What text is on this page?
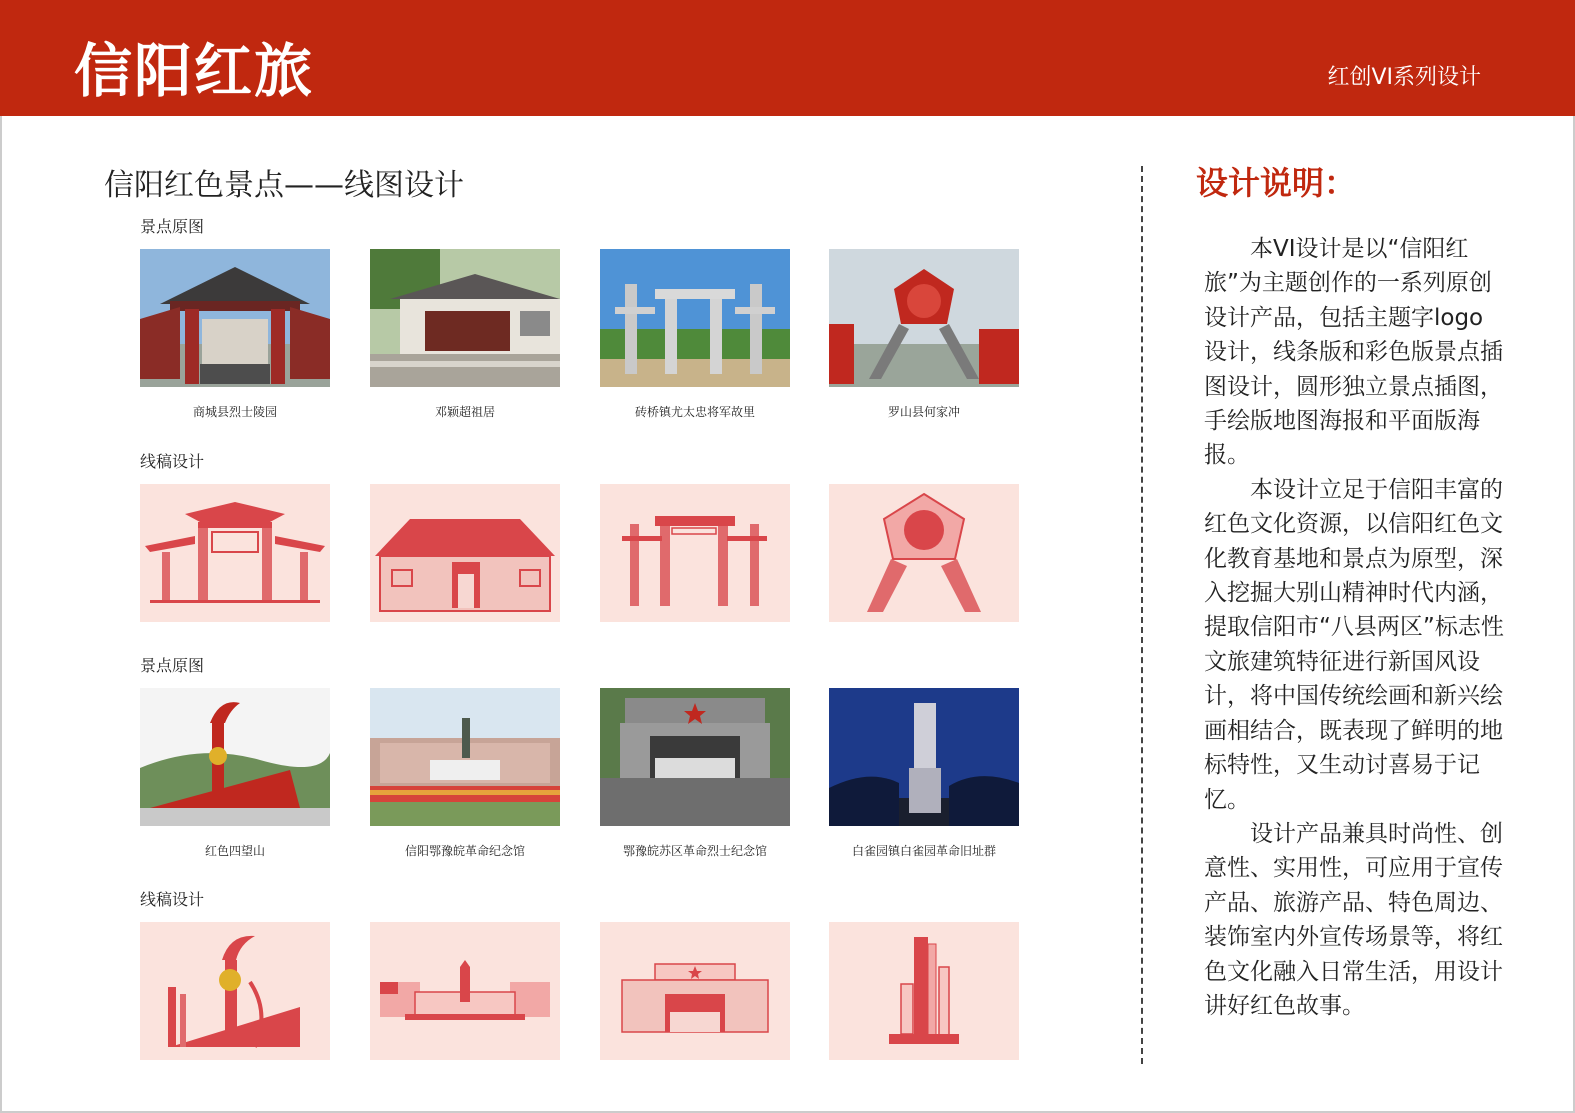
信阳红旅	红创VI系列设计
信阳红色景点——线图设计
景点原图
线稿设计
景点原图
线稿设计
商城县烈士陵园	邓颖超祖居	砖桥镇尤太忠将军故里	罗山县何家冲
红色四望山	信阳鄂豫皖革命纪念馆	鄂豫皖苏区革命烈士纪念馆	白雀园镇白雀园革命旧址群
设计说明：

本VI设计是以“信阳红旅”为主题创作的一系列原创设计产品，包括主题字logo设计，线条版和彩色版景点插图设计，圆形独立景点插图，手绘版地图海报和平面版海报。

本设计立足于信阳丰富的红色文化资源，以信阳红色文化教育基地和景点为原型，深入挖掘大别山精神时代内涵，提取信阳市“八县两区”标志性文旅建筑特征进行新国风设计，将中国传统绘画和新兴绘画相结合，既表现了鲜明的地标特性，又生动讨喜易于记忆。

设计产品兼具时尚性、创意性、实用性，可应用于宣传产品、旅游产品、特色周边、装饰室内外宣传场景等，将红色文化融入日常生活，用设计讲好红色故事。
